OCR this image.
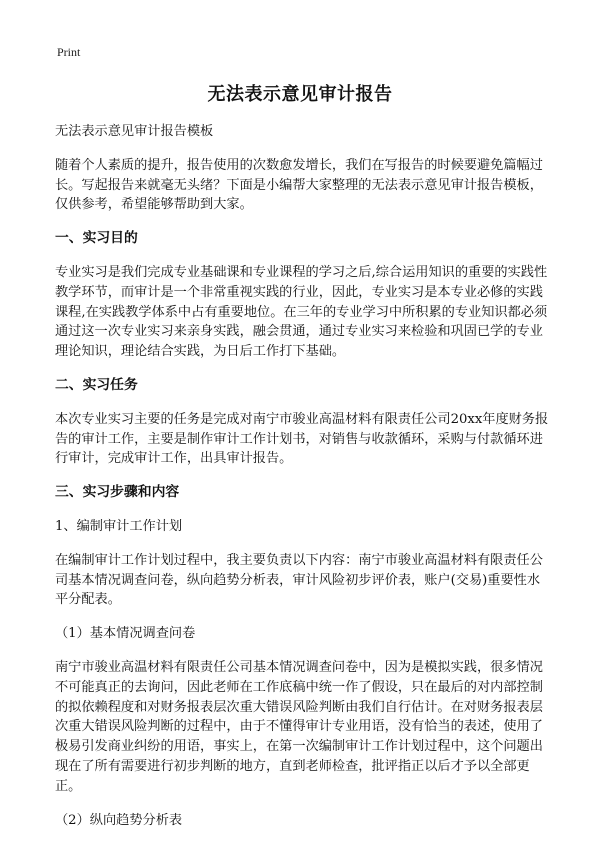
Print
无法表示意见审计报告

无法表示意见审计报告模板

随着个人素质的提升，报告使用的次数愈发增长，我们在写报告的时候要避免篇幅过长。写起报告来就毫无头绪？下面是小编帮大家整理的无法表示意见审计报告模板，仅供参考，希望能够帮助到大家。

一、实习目的

专业实习是我们完成专业基础课和专业课程的学习之后,综合运用知识的重要的实践性教学环节，而审计是一个非常重视实践的行业，因此，专业实习是本专业必修的实践课程,在实践教学体系中占有重要地位。在三年的专业学习中所积累的专业知识都必须通过这一次专业实习来亲身实践，融会贯通，通过专业实习来检验和巩固已学的专业理论知识，理论结合实践，为日后工作打下基础。

二、实习任务

本次专业实习主要的任务是完成对南宁市骏业高温材料有限责任公司20xx年度财务报告的审计工作，主要是制作审计工作计划书，对销售与收款循环，采购与付款循环进行审计，完成审计工作，出具审计报告。

三、实习步骤和内容

1、编制审计工作计划

在编制审计工作计划过程中，我主要负责以下内容：南宁市骏业高温材料有限责任公司基本情况调查问卷，纵向趋势分析表，审计风险初步评价表，账户(交易)重要性水平分配表。

（1）基本情况调查问卷

南宁市骏业高温材料有限责任公司基本情况调查问卷中，因为是模拟实践，很多情况不可能真正的去询问，因此老师在工作底稿中统一作了假设，只在最后的对内部控制的拟依赖程度和对财务报表层次重大错误风险判断由我们自行估计。在对财务报表层次重大错误风险判断的过程中，由于不懂得审计专业用语，没有恰当的表述，使用了极易引发商业纠纷的用语，事实上，在第一次编制审计工作计划过程中，这个问题出现在了所有需要进行初步判断的地方，直到老师检查，批评指正以后才予以全部更正。

（2）纵向趋势分析表
